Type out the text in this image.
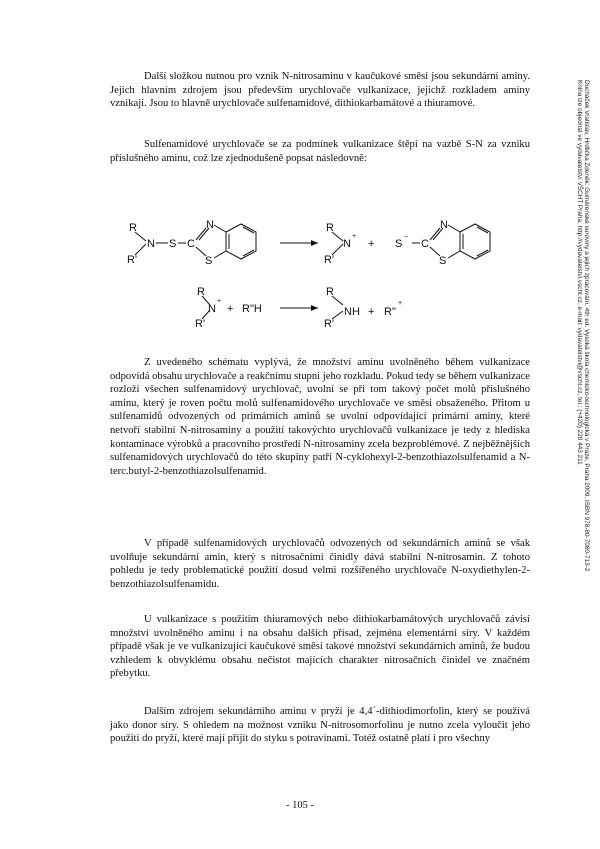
Další složkou nutnou pro vznik N-nitrosaminu v kaučukové směsi jsou sekundární aminy. Jejich hlavním zdrojem jsou především urychlovače vulkanizace, jejichž rozkladem aminy vznikají. Jsou to hlavně urychlovače sulfenamidové, dithiokarbamátové a thiuramové.

Sulfenamidové urychlovače se za podmínek vulkanizace štěpí na vazbě S-N za vzniku příslušného aminu, což lze zjednodušeně popsat následovně:

R
R'
N S C
N
S
R
R'
N
+
+ S
−
C
N
S
R
R'
N
+
+ R"H
R
R'
NH + R"
+

Z uvedeného schématu vyplývá, že množství aminu uvolněného během vulkanizace odpovídá obsahu urychlovače a reakčnímu stupni jeho rozkladu. Pokud tedy se během vulkanizace rozloží všechen sulfenamidový urychlovač, uvolní se při tom takový počet molů příslušného aminu, který je roven počtu molů sulfenamidového urychlovače ve směsi obsaženého. Přitom u sulfenamidů odvozených od primárních aminů se uvolní odpovídající primární aminy, které netvoří stabilní N-nitrosaminy a použití takovýchto urychlovačů vulkanizace je tedy z hlediska kontaminace výrobků a pracovního prostředí N-nitrosaminy zcela bezproblémové. Z nejběžnějších sulfenamidových urychlovačů do této skupiny patří N-cyklohexyl-2-benzothiazolsulfenamid a N-terc.butyl-2-benzothiazolsulfenamid.

V případě sulfenamidových urychlovačů odvozených od sekundárních aminů se však uvolňuje sekundární amin, který s nitrosačními činidly dává stabilní N-nitrosamin. Z tohoto pohledu je tedy problematické použití dosud velmi rozšířeného urychlovače N-oxydiethylen-2-benzothiazolsulfenamidu.

U vulkanizace s použitím thiuramových nebo dithiokarbamátových urychlovačů závisí množství uvolněného aminu i na obsahu dalších přísad, zejména elementární síry. V každém případě však je ve vulkanizující kaučukové směsi takové množství sekundárních aminů, že budou vzhledem k obvyklému obsahu nečistot majících charakter nitrosačních činidel ve značném přebytku.

Dalším zdrojem sekundárního aminu v pryži je 4,4´-dithiodimorfolin, který se používá jako donor síry. S ohledem na možnost vzniku N-nitrosomorfolinu je nutno zcela vyloučit jeho použití do pryží, které mají přijít do styku s potravinami. Totéž ostatně platí i pro všechny

- 105 -
Ducháček Vratislav, Hrdlička Zdeněk: Gumárenské suroviny a jejich zpracování. 4th ed. Vysoká škola chemicko-technologická v Praze, Praha 2009. ISBN 978-80-7080-713-2
Kniha lze objednat ve vydavatelství VŠCHT Praha, http://vydavatelstvi.vscht.cz, e-mail: vydavatelstvi@vscht.cz, tel.: (+420) 220 443 211
